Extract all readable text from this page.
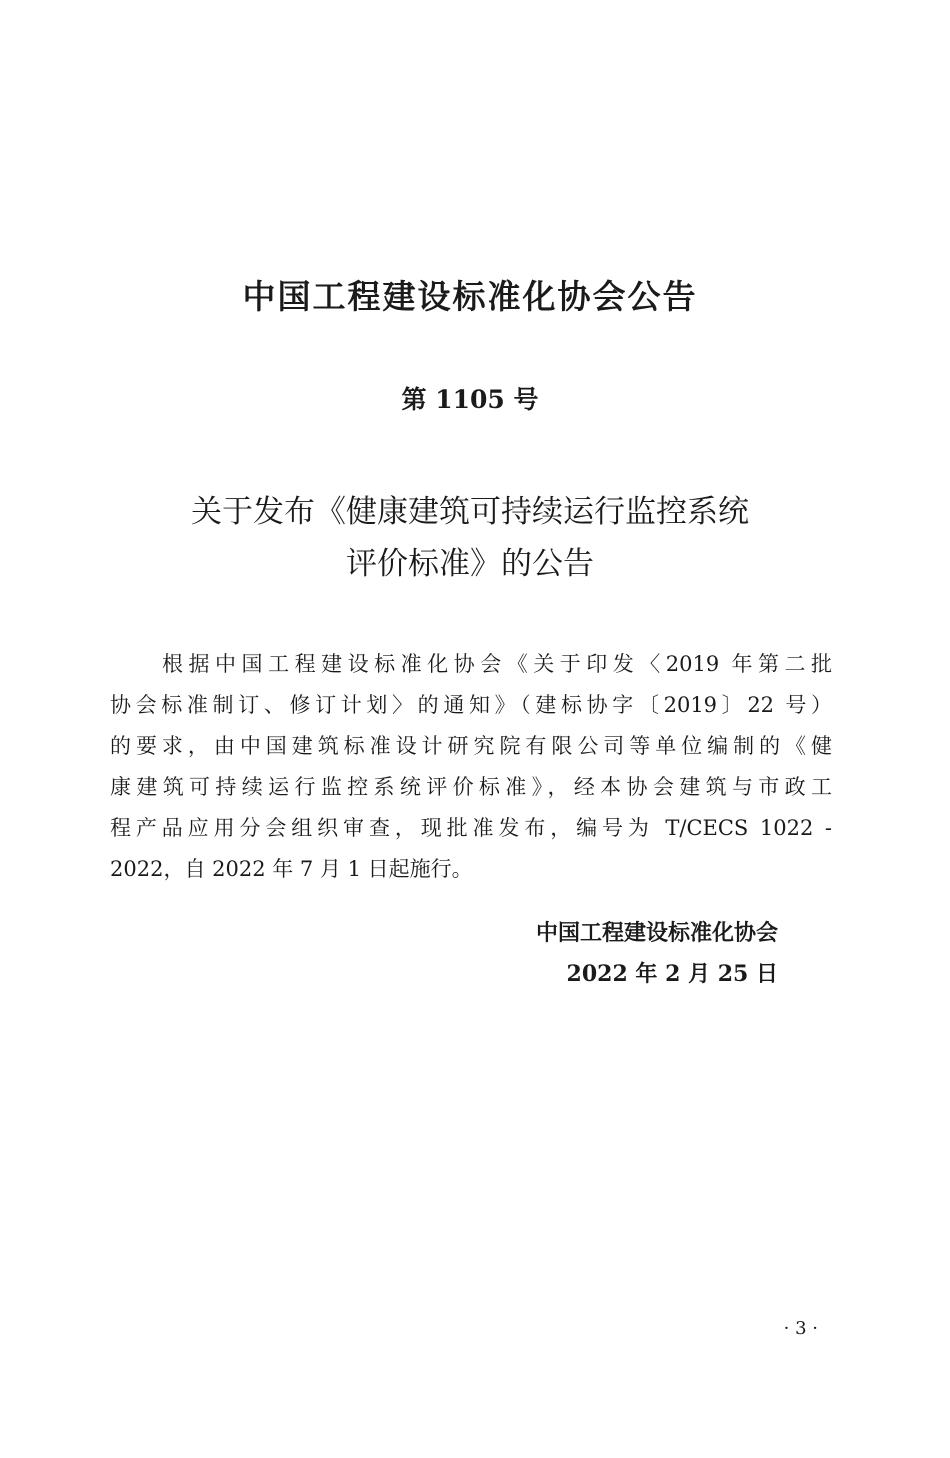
中国工程建设标准化协会公告
第 1105 号
关于发布《健康建筑可持续运行监控系统
评价标准》的公告
根据中国工程建设标准化协会《关于印发〈2019 年第二批
协会标准制订、修订计划〉的通知》（建标协字〔2019〕22 号）
的要求，由中国建筑标准设计研究院有限公司等单位编制的《健
康建筑可持续运行监控系统评价标准》，经本协会建筑与市政工
程产品应用分会组织审查，现批准发布，编号为 T/CECS 1022 -
2022，自 2022 年 7 月 1 日起施行。
中国工程建设标准化协会
2022 年 2 月 25 日
· 3 ·
